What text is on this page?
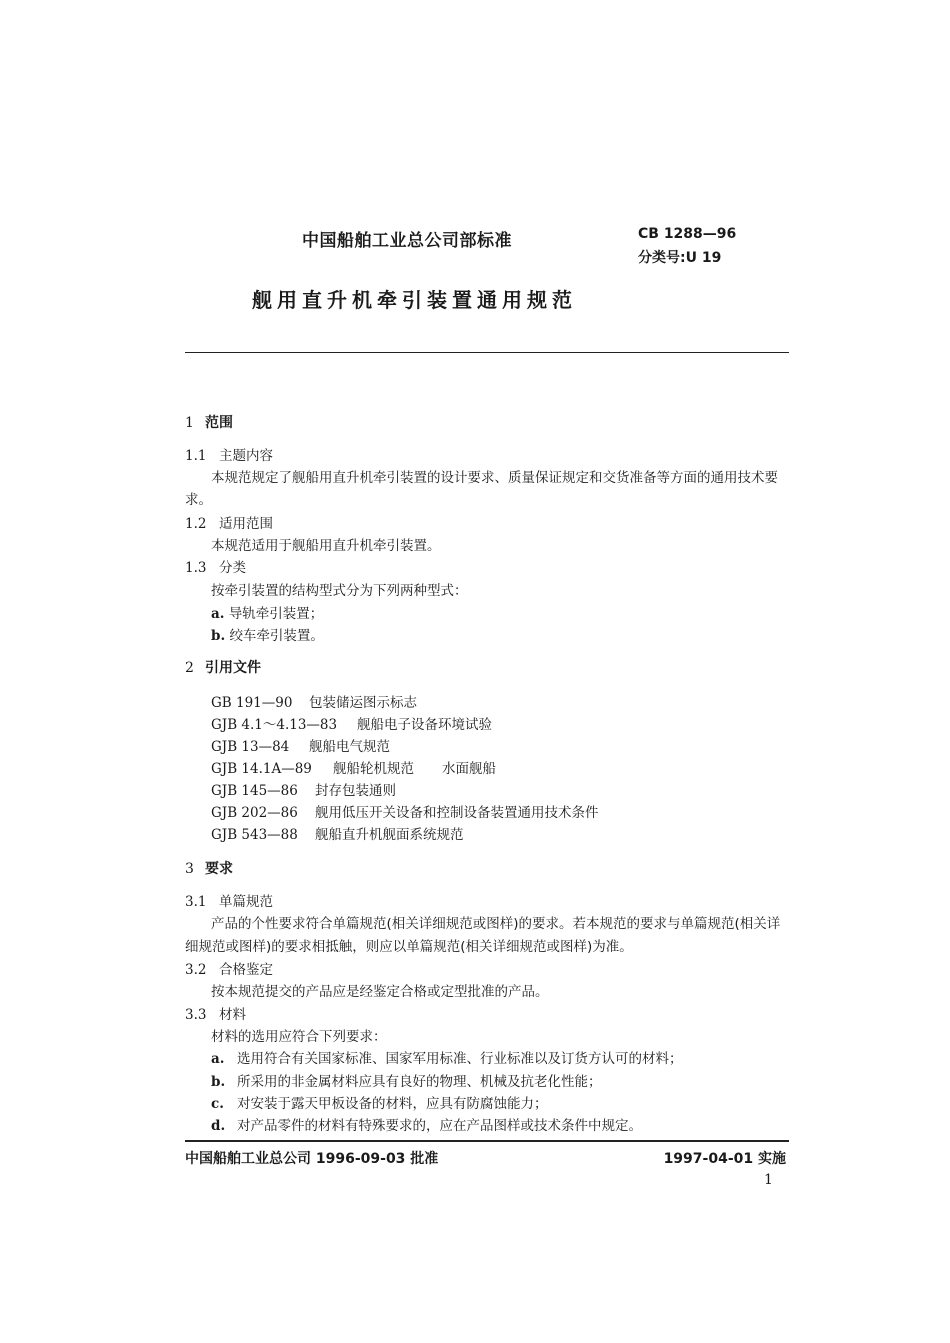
中国船舶工业总公司部标准	CB 1288—96
分类号:U 19
舰用直升机牵引装置通用规范
1 范围
1.1 主题内容
本规范规定了舰船用直升机牵引装置的设计要求、质量保证规定和交货准备等方面的通用技术要
求。
1.2 适用范围
本规范适用于舰船用直升机牵引装置。
1.3 分类
按牵引装置的结构型式分为下列两种型式：
a. 导轨牵引装置；
b. 绞车牵引装置。
2 引用文件
GB 191—90 包装储运图示标志
GJB 4.1～4.13—83 舰船电子设备环境试验
GJB 13—84 舰船电气规范
GJB 14.1A—89 舰船轮机规范 水面舰船
GJB 145—86 封存包装通则
GJB 202—86 舰用低压开关设备和控制设备装置通用技术条件
GJB 543—88 舰船直升机舰面系统规范
3 要求
3.1 单篇规范
产品的个性要求符合单篇规范(相关详细规范或图样)的要求。若本规范的要求与单篇规范(相关详
细规范或图样)的要求相抵触，则应以单篇规范(相关详细规范或图样)为准。
3.2 合格鉴定
按本规范提交的产品应是经鉴定合格或定型批准的产品。
3.3 材料
材料的选用应符合下列要求：
a. 选用符合有关国家标准、国家军用标准、行业标准以及订货方认可的材料；
b. 所采用的非金属材料应具有良好的物理、机械及抗老化性能；
c. 对安装于露天甲板设备的材料，应具有防腐蚀能力；
d. 对产品零件的材料有特殊要求的，应在产品图样或技术条件中规定。
中国船舶工业总公司 1996-09-03 批准	1997-04-01 实施
1
